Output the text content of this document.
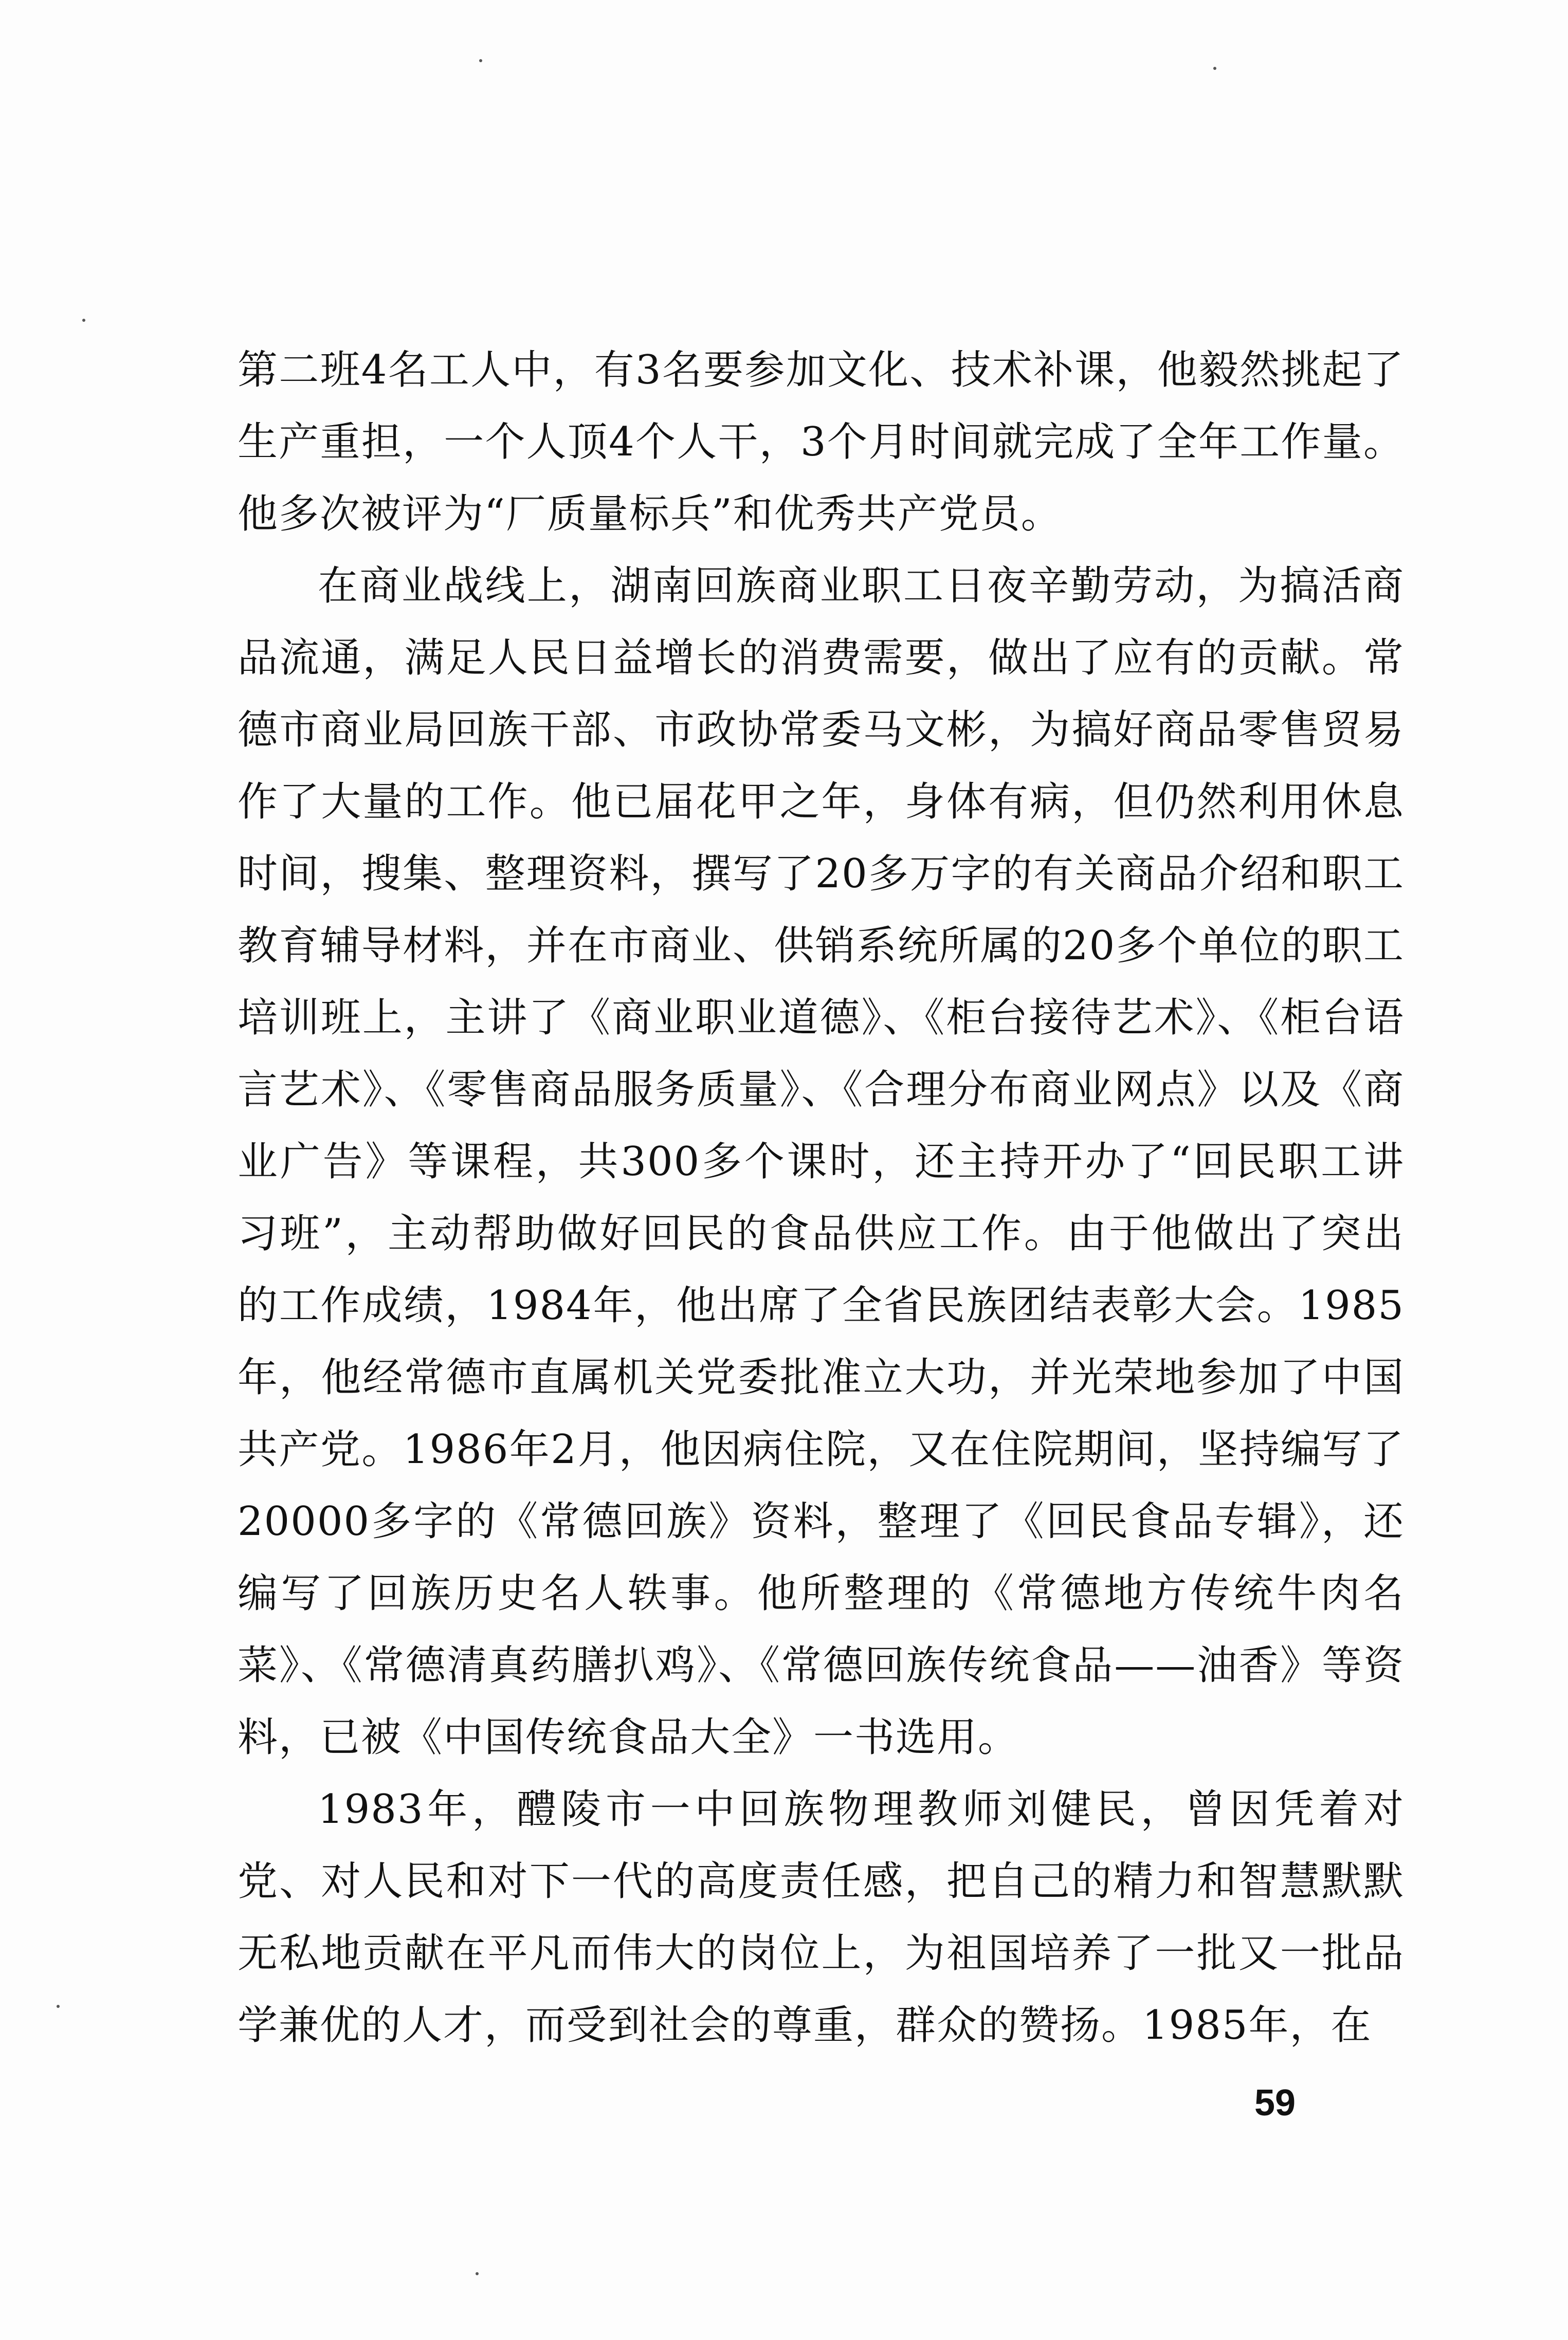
第二班4名工人中，有3名要参加文化、技术补课，他毅然挑起了生产重担，一个人顶4个人干，3个月时间就完成了全年工作量。他多次被评为“厂质量标兵”和优秀共产党员。

在商业战线上，湖南回族商业职工日夜辛勤劳动，为搞活商品流通，满足人民日益增长的消费需要，做出了应有的贡献。常德市商业局回族干部、市政协常委马文彬，为搞好商品零售贸易作了大量的工作。他已届花甲之年，身体有病，但仍然利用休息时间，搜集、整理资料，撰写了20多万字的有关商品介绍和职工教育辅导材料，并在市商业、供销系统所属的20多个单位的职工培训班上，主讲了《商业职业道德》、《柜台接待艺术》、《柜台语言艺术》、《零售商品服务质量》、《合理分布商业网点》以及《商业广告》等课程，共300多个课时，还主持开办了“回民职工讲习班”，主动帮助做好回民的食品供应工作。由于他做出了突出的工作成绩，1984年，他出席了全省民族团结表彰大会。1985年，他经常德市直属机关党委批准立大功，并光荣地参加了中国共产党。1986年2月，他因病住院，又在住院期间，坚持编写了20000多字的《常德回族》资料，整理了《回民食品专辑》，还编写了回族历史名人轶事。他所整理的《常德地方传统牛肉名菜》、《常德清真药膳扒鸡》、《常德回族传统食品——油香》等资料，已被《中国传统食品大全》一书选用。

1983年，醴陵市一中回族物理教师刘健民，曾因凭着对党、对人民和对下一代的高度责任感，把自己的精力和智慧默默无私地贡献在平凡而伟大的岗位上，为祖国培养了一批又一批品学兼优的人才，而受到社会的尊重，群众的赞扬。1985年，在

59
